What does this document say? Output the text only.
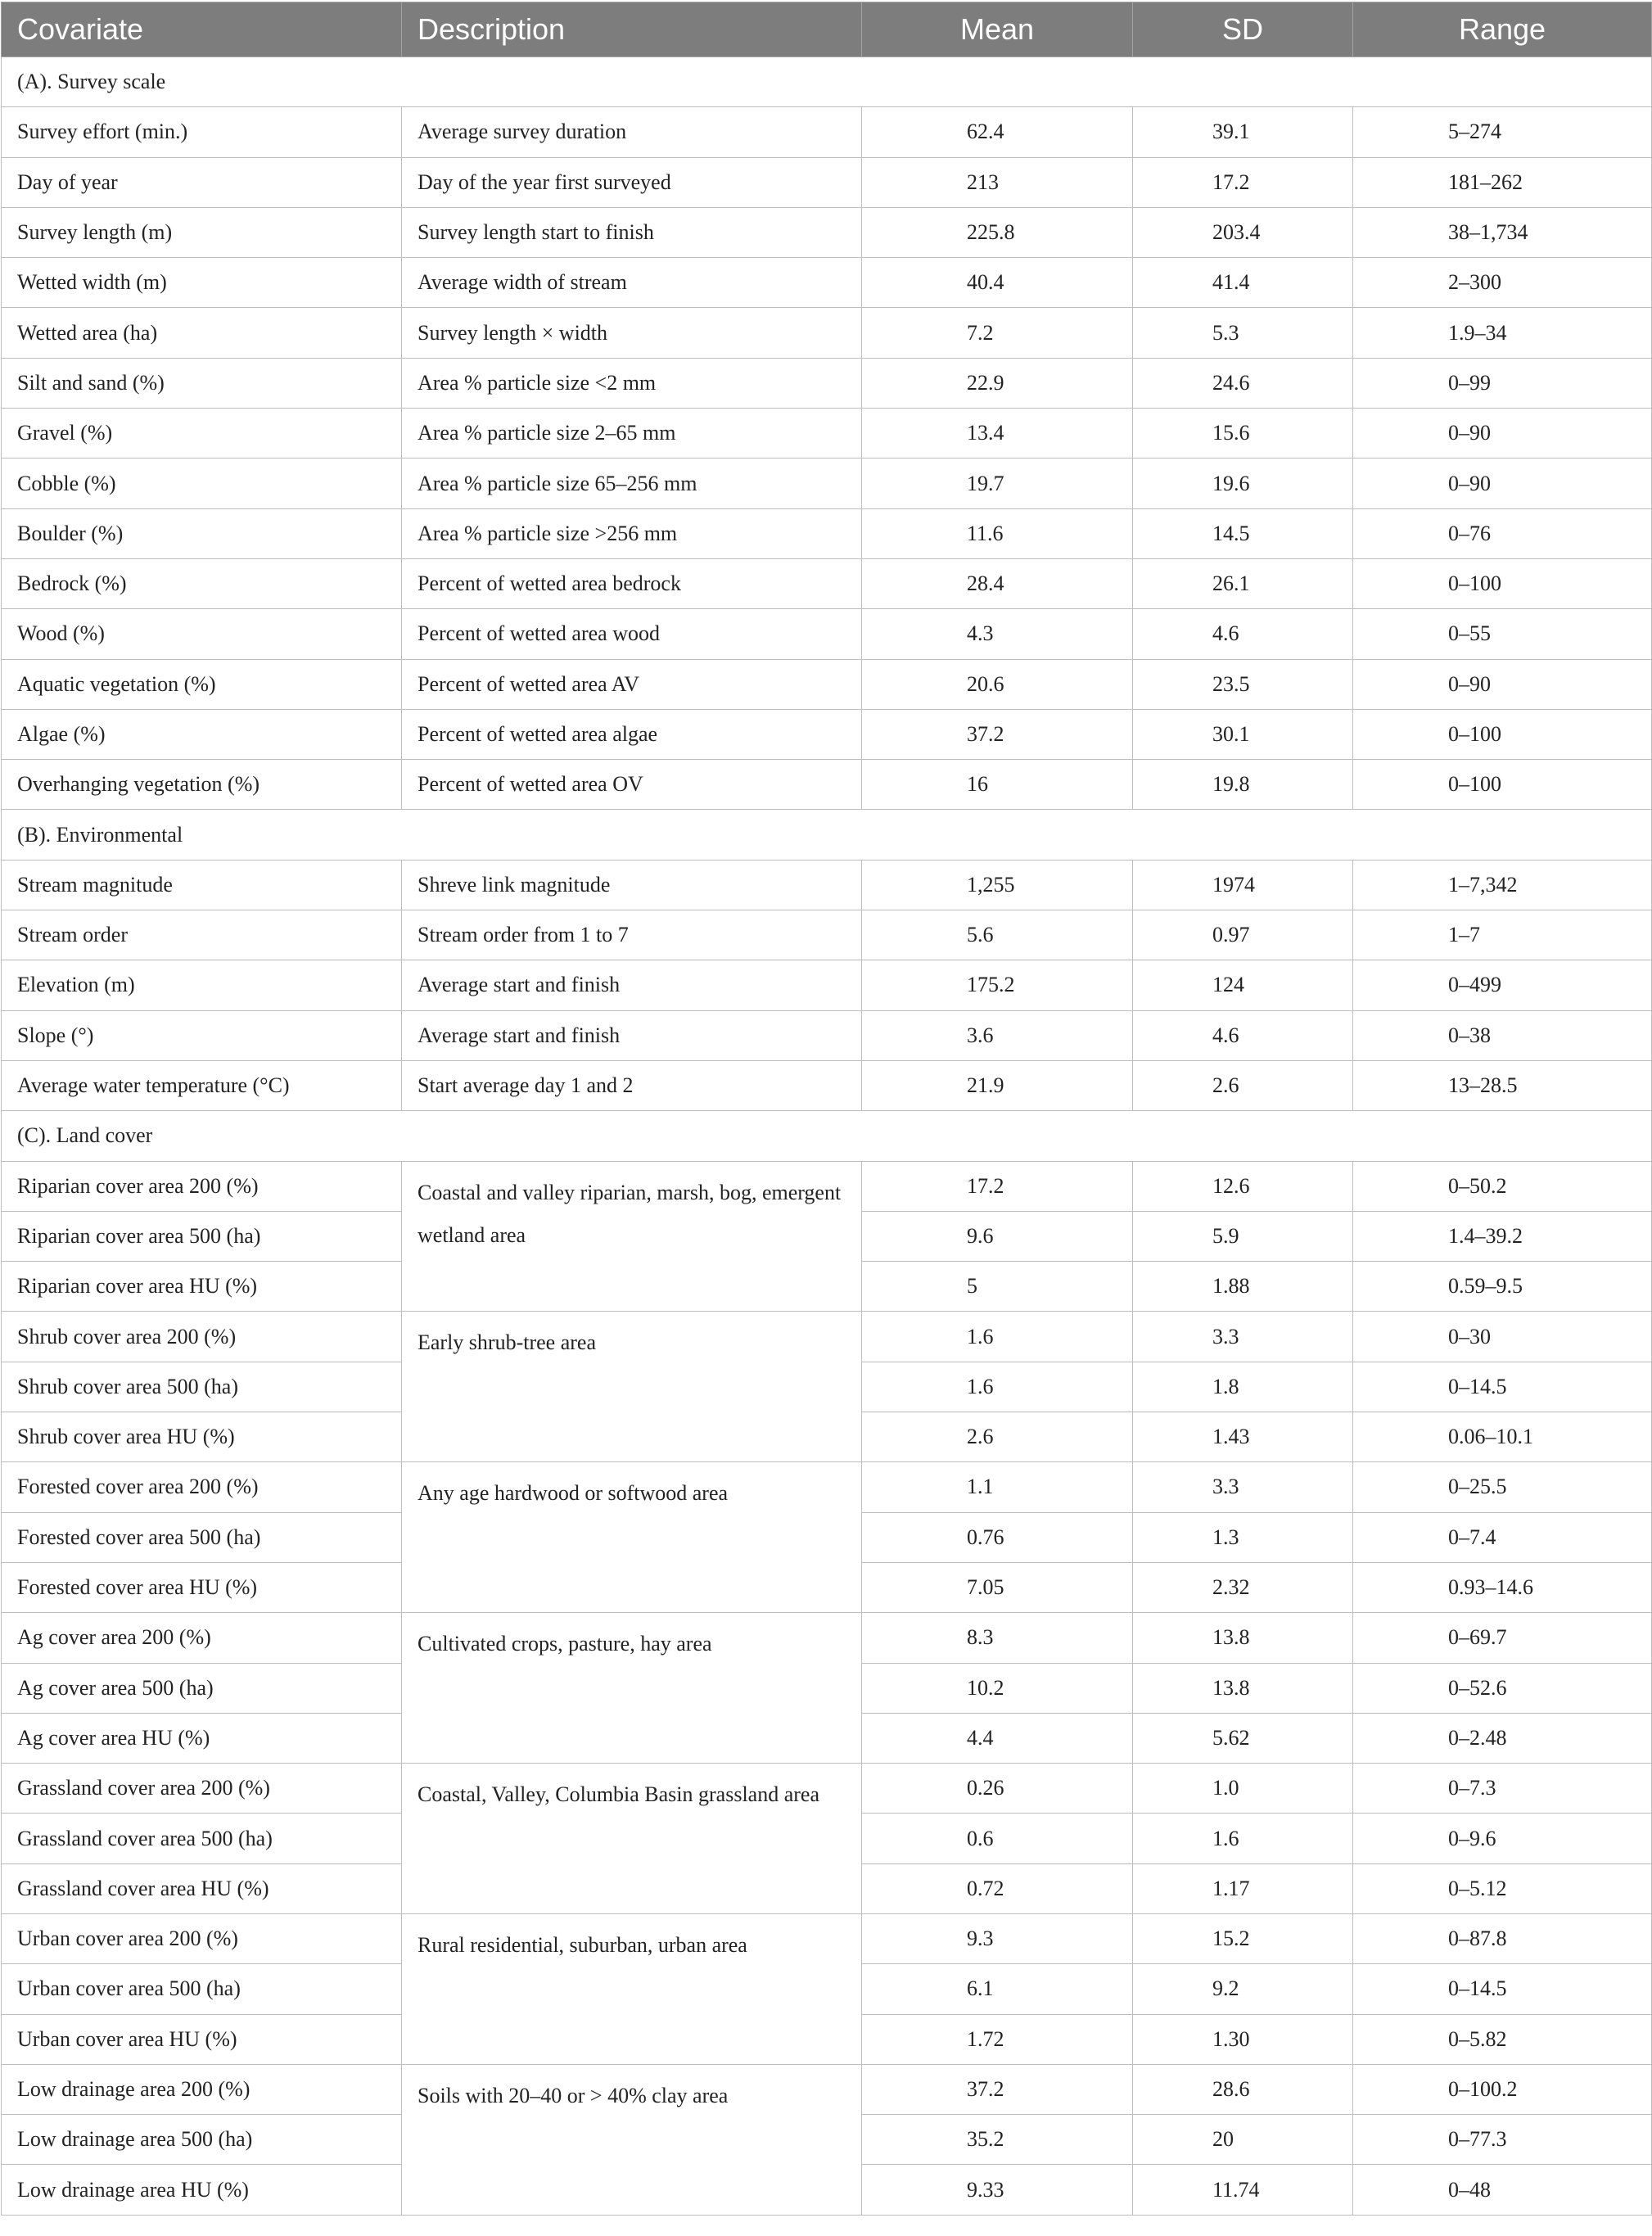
Covariate	Description	Mean	SD	Range
(A). Survey scale				
Survey effort (min.)	Average survey duration	62.4	39.1	5–274
Day of year	Day of the year first surveyed	213	17.2	181–262
Survey length (m)	Survey length start to finish	225.8	203.4	38–1,734
Wetted width (m)	Average width of stream	40.4	41.4	2–300
Wetted area (ha)	Survey length × width	7.2	5.3	1.9–34
Silt and sand (%)	Area % particle size <2 mm	22.9	24.6	0–99
Gravel (%)	Area % particle size 2–65 mm	13.4	15.6	0–90
Cobble (%)	Area % particle size 65–256 mm	19.7	19.6	0–90
Boulder (%)	Area % particle size >256 mm	11.6	14.5	0–76
Bedrock (%)	Percent of wetted area bedrock	28.4	26.1	0–100
Wood (%)	Percent of wetted area wood	4.3	4.6	0–55
Aquatic vegetation (%)	Percent of wetted area AV	20.6	23.5	0–90
Algae (%)	Percent of wetted area algae	37.2	30.1	0–100
Overhanging vegetation (%)	Percent of wetted area OV	16	19.8	0–100
(B). Environmental				
Stream magnitude	Shreve link magnitude	1,255	1974	1–7,342
Stream order	Stream order from 1 to 7	5.6	0.97	1–7
Elevation (m)	Average start and finish	175.2	124	0–499
Slope (°)	Average start and finish	3.6	4.6	0–38
Average water temperature (°C)	Start average day 1 and 2	21.9	2.6	13–28.5
(C). Land cover				
Riparian cover area 200 (%)	Coastal and valley riparian, marsh, bog, emergent wetland area	17.2	12.6	0–50.2
Riparian cover area 500 (ha)		9.6	5.9	1.4–39.2
Riparian cover area HU (%)		5	1.88	0.59–9.5
Shrub cover area 200 (%)	Early shrub-tree area	1.6	3.3	0–30
Shrub cover area 500 (ha)		1.6	1.8	0–14.5
Shrub cover area HU (%)		2.6	1.43	0.06–10.1
Forested cover area 200 (%)	Any age hardwood or softwood area	1.1	3.3	0–25.5
Forested cover area 500 (ha)		0.76	1.3	0–7.4
Forested cover area HU (%)		7.05	2.32	0.93–14.6
Ag cover area 200 (%)	Cultivated crops, pasture, hay area	8.3	13.8	0–69.7
Ag cover area 500 (ha)		10.2	13.8	0–52.6
Ag cover area HU (%)		4.4	5.62	0–2.48
Grassland cover area 200 (%)	Coastal, Valley, Columbia Basin grassland area	0.26	1.0	0–7.3
Grassland cover area 500 (ha)		0.6	1.6	0–9.6
Grassland cover area HU (%)		0.72	1.17	0–5.12
Urban cover area 200 (%)	Rural residential, suburban, urban area	9.3	15.2	0–87.8
Urban cover area 500 (ha)		6.1	9.2	0–14.5
Urban cover area HU (%)		1.72	1.30	0–5.82
Low drainage area 200 (%)	Soils with 20–40 or > 40% clay area	37.2	28.6	0–100.2
Low drainage area 500 (ha)		35.2	20	0–77.3
Low drainage area HU (%)		9.33	11.74	0–48
